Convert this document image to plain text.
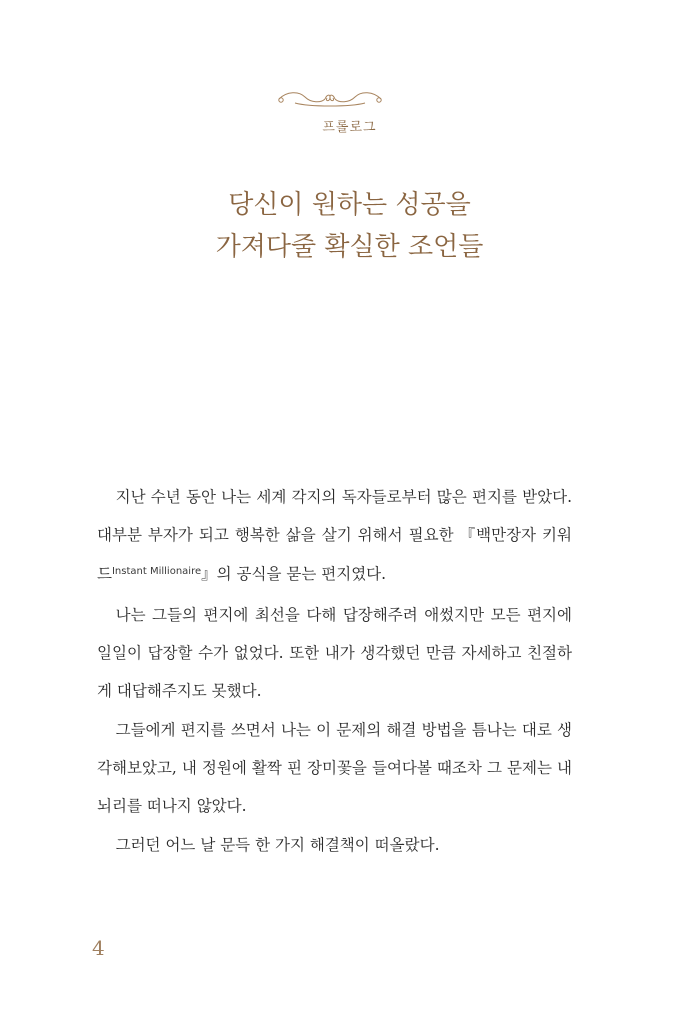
프롤로그
당신이 원하는 성공을
가져다줄 확실한 조언들

지난 수년 동안 나는 세계 각지의 독자들로부터 많은 편지를 받았다. 대부분 부자가 되고 행복한 삶을 살기 위해서 필요한 『백만장자 키워드$^{Instant Millionaire}$』의 공식을 묻는 편지였다.

나는 그들의 편지에 최선을 다해 답장해주려 애썼지만 모든 편지에 일일이 답장할 수가 없었다. 또한 내가 생각했던 만큼 자세하고 친절하게 대답해주지도 못했다.

그들에게 편지를 쓰면서 나는 이 문제의 해결 방법을 틈나는 대로 생각해보았고, 내 정원에 활짝 핀 장미꽃을 들여다볼 때조차 그 문제는 내 뇌리를 떠나지 않았다.

그러던 어느 날 문득 한 가지 해결책이 떠올랐다.

4
